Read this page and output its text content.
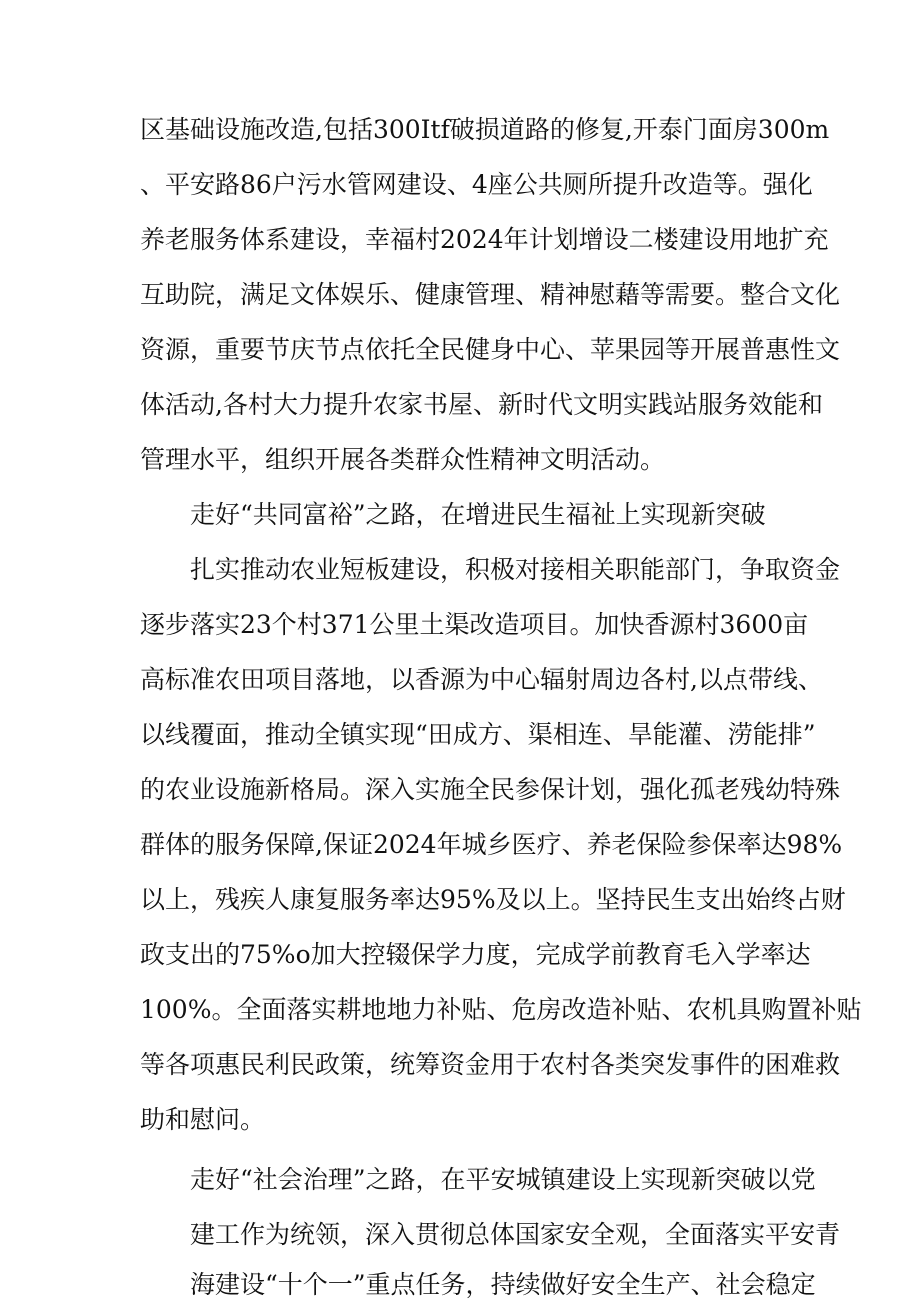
区基础设施改造,包括300Itf破损道路的修复,开泰门面房300m
、平安路86户污水管网建设、4座公共厕所提升改造等。强化
养老服务体系建设，幸福村2024年计划增设二楼建设用地扩充
互助院，满足文体娱乐、健康管理、精神慰藉等需要。整合文化
资源，重要节庆节点依托全民健身中心、苹果园等开展普惠性文
体活动,各村大力提升农家书屋、新时代文明实践站服务效能和
管理水平，组织开展各类群众性精神文明活动。
走好“共同富裕”之路，在增进民生福祉上实现新突破
扎实推动农业短板建设，积极对接相关职能部门，争取资金
逐步落实23个村371公里土渠改造项目。加快香源村3600亩
高标准农田项目落地，以香源为中心辐射周边各村,以点带线、
以线覆面，推动全镇实现“田成方、渠相连、旱能灌、涝能排”
的农业设施新格局。深入实施全民参保计划，强化孤老残幼特殊
群体的服务保障,保证2024年城乡医疗、养老保险参保率达98%
以上，残疾人康复服务率达95%及以上。坚持民生支出始终占财
政支出的75%o加大控辍保学力度，完成学前教育毛入学率达
100%。全面落实耕地地力补贴、危房改造补贴、农机具购置补贴
等各项惠民利民政策，统筹资金用于农村各类突发事件的困难救
助和慰问。
走好“社会治理”之路，在平安城镇建设上实现新突破以党
建工作为统领，深入贯彻总体国家安全观，全面落实平安青
海建设“十个一”重点任务，持续做好安全生产、社会稳定
